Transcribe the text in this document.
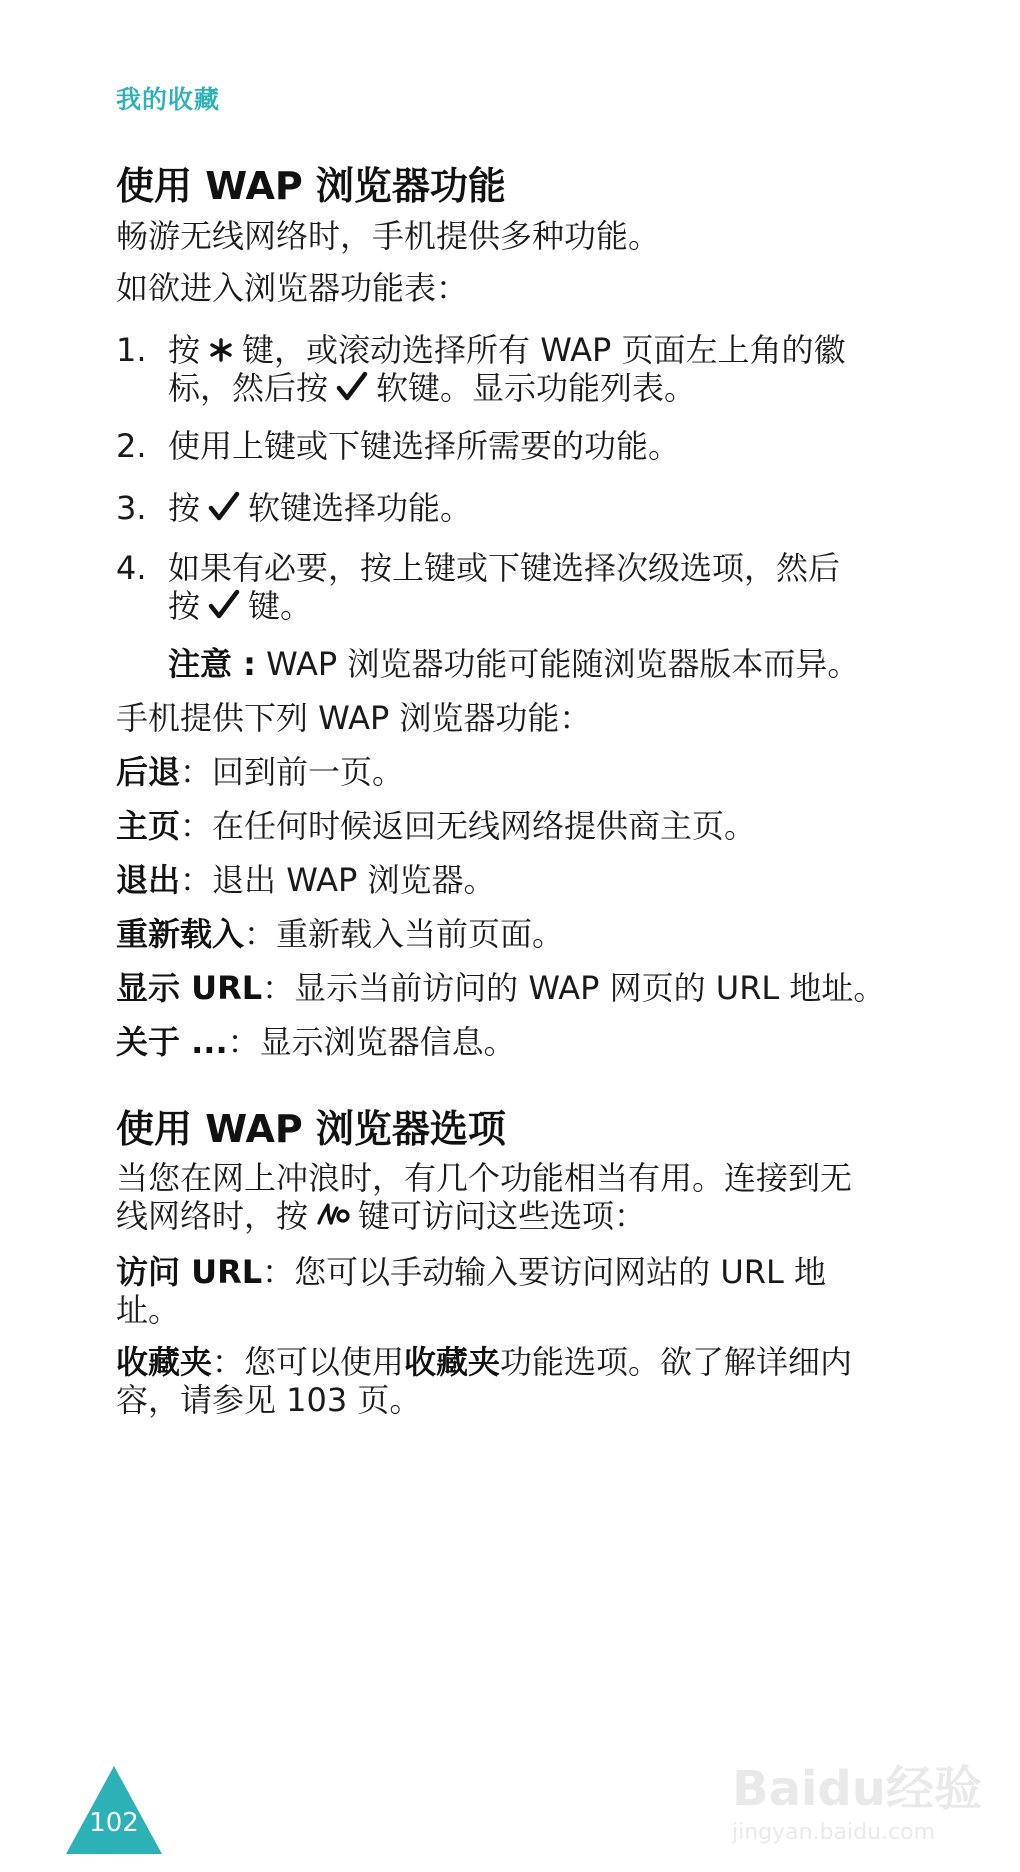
我的收藏
使用 WAP 浏览器功能
畅游无线网络时，手机提供多种功能。
如欲进入浏览器功能表：
1. 按 键，或滚动选择所有 WAP 页面左上角的徽
标，然后按 软键。显示功能列表。
2. 使用上键或下键选择所需要的功能。
3. 按 软键选择功能。
4. 如果有必要，按上键或下键选择次级选项，然后
按 键。
注意 : WAP 浏览器功能可能随浏览器版本而异。
手机提供下列 WAP 浏览器功能：
后退：回到前一页。
主页：在任何时候返回无线网络提供商主页。
退出：退出 WAP 浏览器。
重新载入：重新载入当前页面。
显示 URL：显示当前访问的 WAP 网页的 URL 地址。
关于 ...：显示浏览器信息。
使用 WAP 浏览器选项
当您在网上冲浪时，有几个功能相当有用。连接到无
线网络时，按 键可访问这些选项：
访问 URL：您可以手动输入要访问网站的 URL 地
址。
收藏夹：您可以使用收藏夹功能选项。欲了解详细内
容，请参见 103 页。
102
Baidu经验
jingyan.baidu.com
